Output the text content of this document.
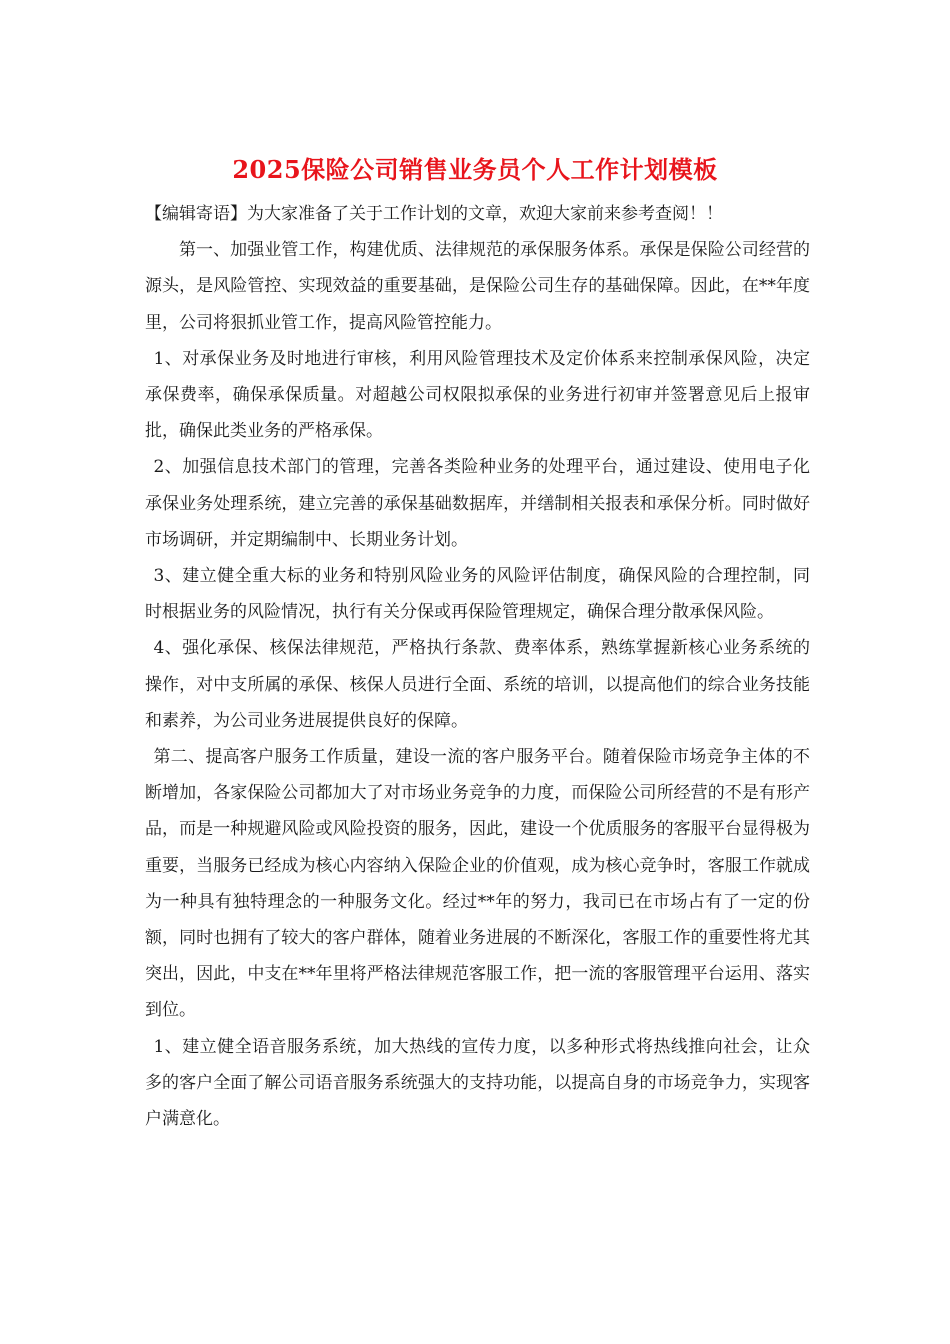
2025保险公司销售业务员个人工作计划模板

【编辑寄语】为大家准备了关于工作计划的文章，欢迎大家前来参考查阅！！

第一、加强业管工作，构建优质、法律规范的承保服务体系。承保是保险公司经营的源头，是风险管控、实现效益的重要基础，是保险公司生存的基础保障。因此，在**年度里，公司将狠抓业管工作，提高风险管控能力。

1、对承保业务及时地进行审核，利用风险管理技术及定价体系来控制承保风险，决定承保费率，确保承保质量。对超越公司权限拟承保的业务进行初审并签署意见后上报审批，确保此类业务的严格承保。

2、加强信息技术部门的管理，完善各类险种业务的处理平台，通过建设、使用电子化承保业务处理系统，建立完善的承保基础数据库，并缮制相关报表和承保分析。同时做好市场调研，并定期编制中、长期业务计划。

3、建立健全重大标的业务和特别风险业务的风险评估制度，确保风险的合理控制，同时根据业务的风险情况，执行有关分保或再保险管理规定，确保合理分散承保风险。

4、强化承保、核保法律规范，严格执行条款、费率体系，熟练掌握新核心业务系统的操作，对中支所属的承保、核保人员进行全面、系统的培训，以提高他们的综合业务技能和素养，为公司业务进展提供良好的保障。

第二、提高客户服务工作质量，建设一流的客户服务平台。随着保险市场竞争主体的不断增加，各家保险公司都加大了对市场业务竞争的力度，而保险公司所经营的不是有形产品，而是一种规避风险或风险投资的服务，因此，建设一个优质服务的客服平台显得极为重要，当服务已经成为核心内容纳入保险企业的价值观，成为核心竞争时，客服工作就成为一种具有独特理念的一种服务文化。经过**年的努力，我司已在市场占有了一定的份额，同时也拥有了较大的客户群体，随着业务进展的不断深化，客服工作的重要性将尤其突出，因此，中支在**年里将严格法律规范客服工作，把一流的客服管理平台运用、落实到位。

1、建立健全语音服务系统，加大热线的宣传力度，以多种形式将热线推向社会，让众多的客户全面了解公司语音服务系统强大的支持功能，以提高自身的市场竞争力，实现客户满意化。
